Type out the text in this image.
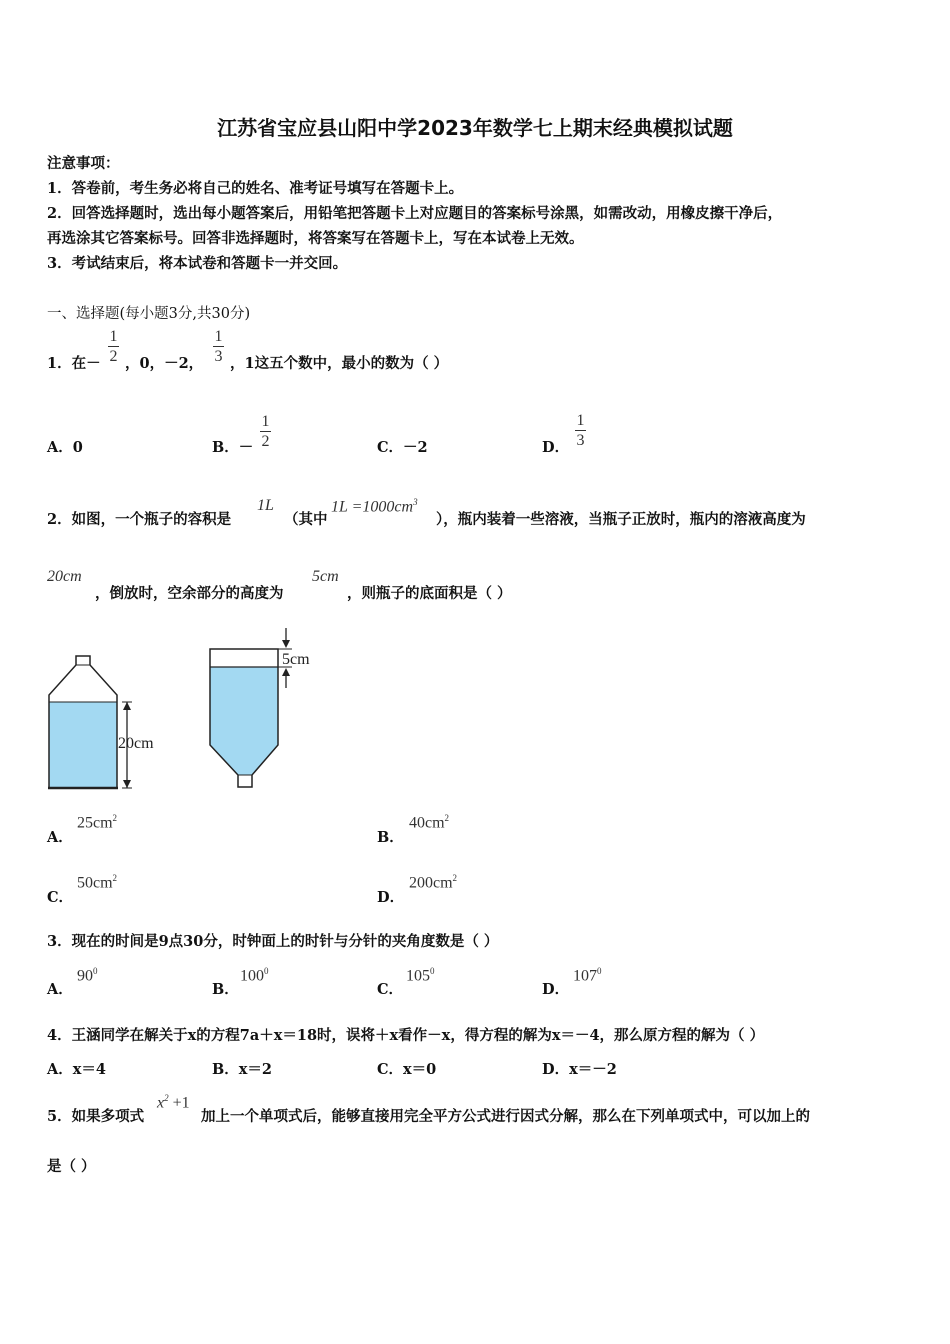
江苏省宝应县山阳中学2023年数学七上期末经典模拟试题
注意事项：
1．答卷前，考生务必将自己的姓名、准考证号填写在答题卡上。
2．回答选择题时，选出每小题答案后，用铅笔把答题卡上对应题目的答案标号涂黑，如需改动，用橡皮擦干净后，
再选涂其它答案标号。回答非选择题时，将答案写在答题卡上，写在本试卷上无效。
3．考试结束后，将本试卷和答题卡一并交回。
一、选择题(每小题3分,共30分)
1．在－
1
2 ，0，－2，
1
3 ，1这五个数中，最小的数为（ ）
A．0	B．－
1
2	C．－2	D．
1
3
2．如图，一个瓶子的容积是
1L
（其中
$1L =1000cm^3$
），瓶内装着一些溶液，当瓶子正放时，瓶内的溶液高度为
20cm
，倒放时，空余部分的高度为
5cm
，则瓶子的底面积是（ ）
20cm
5cm
A．
$25cm^2$
B．
$40cm^2$
C．
$50cm^2$
D．
$200cm^2$
3．现在的时间是9点30分，时钟面上的时针与分针的夹角度数是（ ）
A．
$90^0$
B．
$100^0$
C．
$105^0$
D．
$107^0$
4．王涵同学在解关于x的方程7a＋x＝18时，误将＋x看作－x，得方程的解为x＝－4，那么原方程的解为（ ）
A．x＝4	B．x＝2	C．x＝0	D．x＝－2
5．如果多项式
$x^2 +1$
加上一个单项式后，能够直接用完全平方公式进行因式分解，那么在下列单项式中，可以加上的
是（ ）
